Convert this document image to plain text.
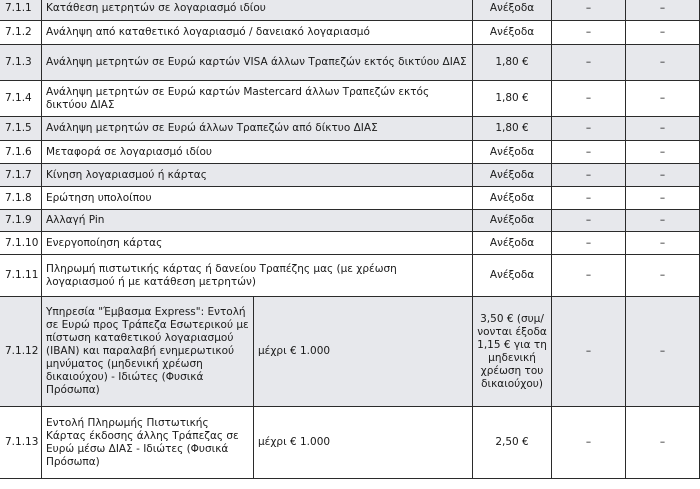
7.1.1	Κατάθεση μετρητών σε λογαριασμό ιδίου		Ανέξοδα	–	–
7.1.2	Ανάληψη από καταθετικό λογαριασμό / δανειακό λογαριασμό		Ανέξοδα	–	–
7.1.3	Ανάληψη μετρητών σε Ευρώ καρτών VISA άλλων Τραπεζών εκτός δικτύου ΔΙΑΣ		1,80 €	–	–
7.1.4	Ανάληψη μετρητών σε Ευρώ καρτών Mastercard άλλων Τραπεζών εκτός δικτύου ΔΙΑΣ		1,80 €	–	–
7.1.5	Ανάληψη μετρητών σε Ευρώ άλλων Τραπεζών από δίκτυο ΔΙΑΣ		1,80 €	–	–
7.1.6	Μεταφορά σε λογαριασμό ιδίου		Ανέξοδα	–	–
7.1.7	Κίνηση λογαριασμού ή κάρτας		Ανέξοδα	–	–
7.1.8	Ερώτηση υπολοίπου		Ανέξοδα	–	–
7.1.9	Αλλαγή Pin		Ανέξοδα	–	–
7.1.10	Ενεργοποίηση κάρτας		Ανέξοδα	–	–
7.1.11	Πληρωμή πιστωτικής κάρτας ή δανείου Τραπέζης μας (με χρέωση λογαριασμού ή με κατάθεση μετρητών)		Ανέξοδα	–	–
7.1.12	Υπηρεσία "Έμβασμα Express": Εντολή σε Ευρώ προς Τράπεζα Εσωτερικού με πίστωση καταθετικού λογαριασμού (IBAN) και παραλαβή ενημερωτικού μηνύματος (μηδενική χρέωση δικαιούχου) - Ιδιώτες (Φυσικά Πρόσωπα)	μέχρι € 1.000	3,50 € (συμ/νονται έξοδα 1,15 € για τη μηδενική χρέωση του δικαιούχου)	–	–
7.1.13	Εντολή Πληρωμής Πιστωτικής Κάρτας έκδοσης άλλης Τράπεζας σε Ευρώ μέσω ΔΙΑΣ - Ιδιώτες (Φυσικά Πρόσωπα)	μέχρι € 1.000	2,50 €	–	–
